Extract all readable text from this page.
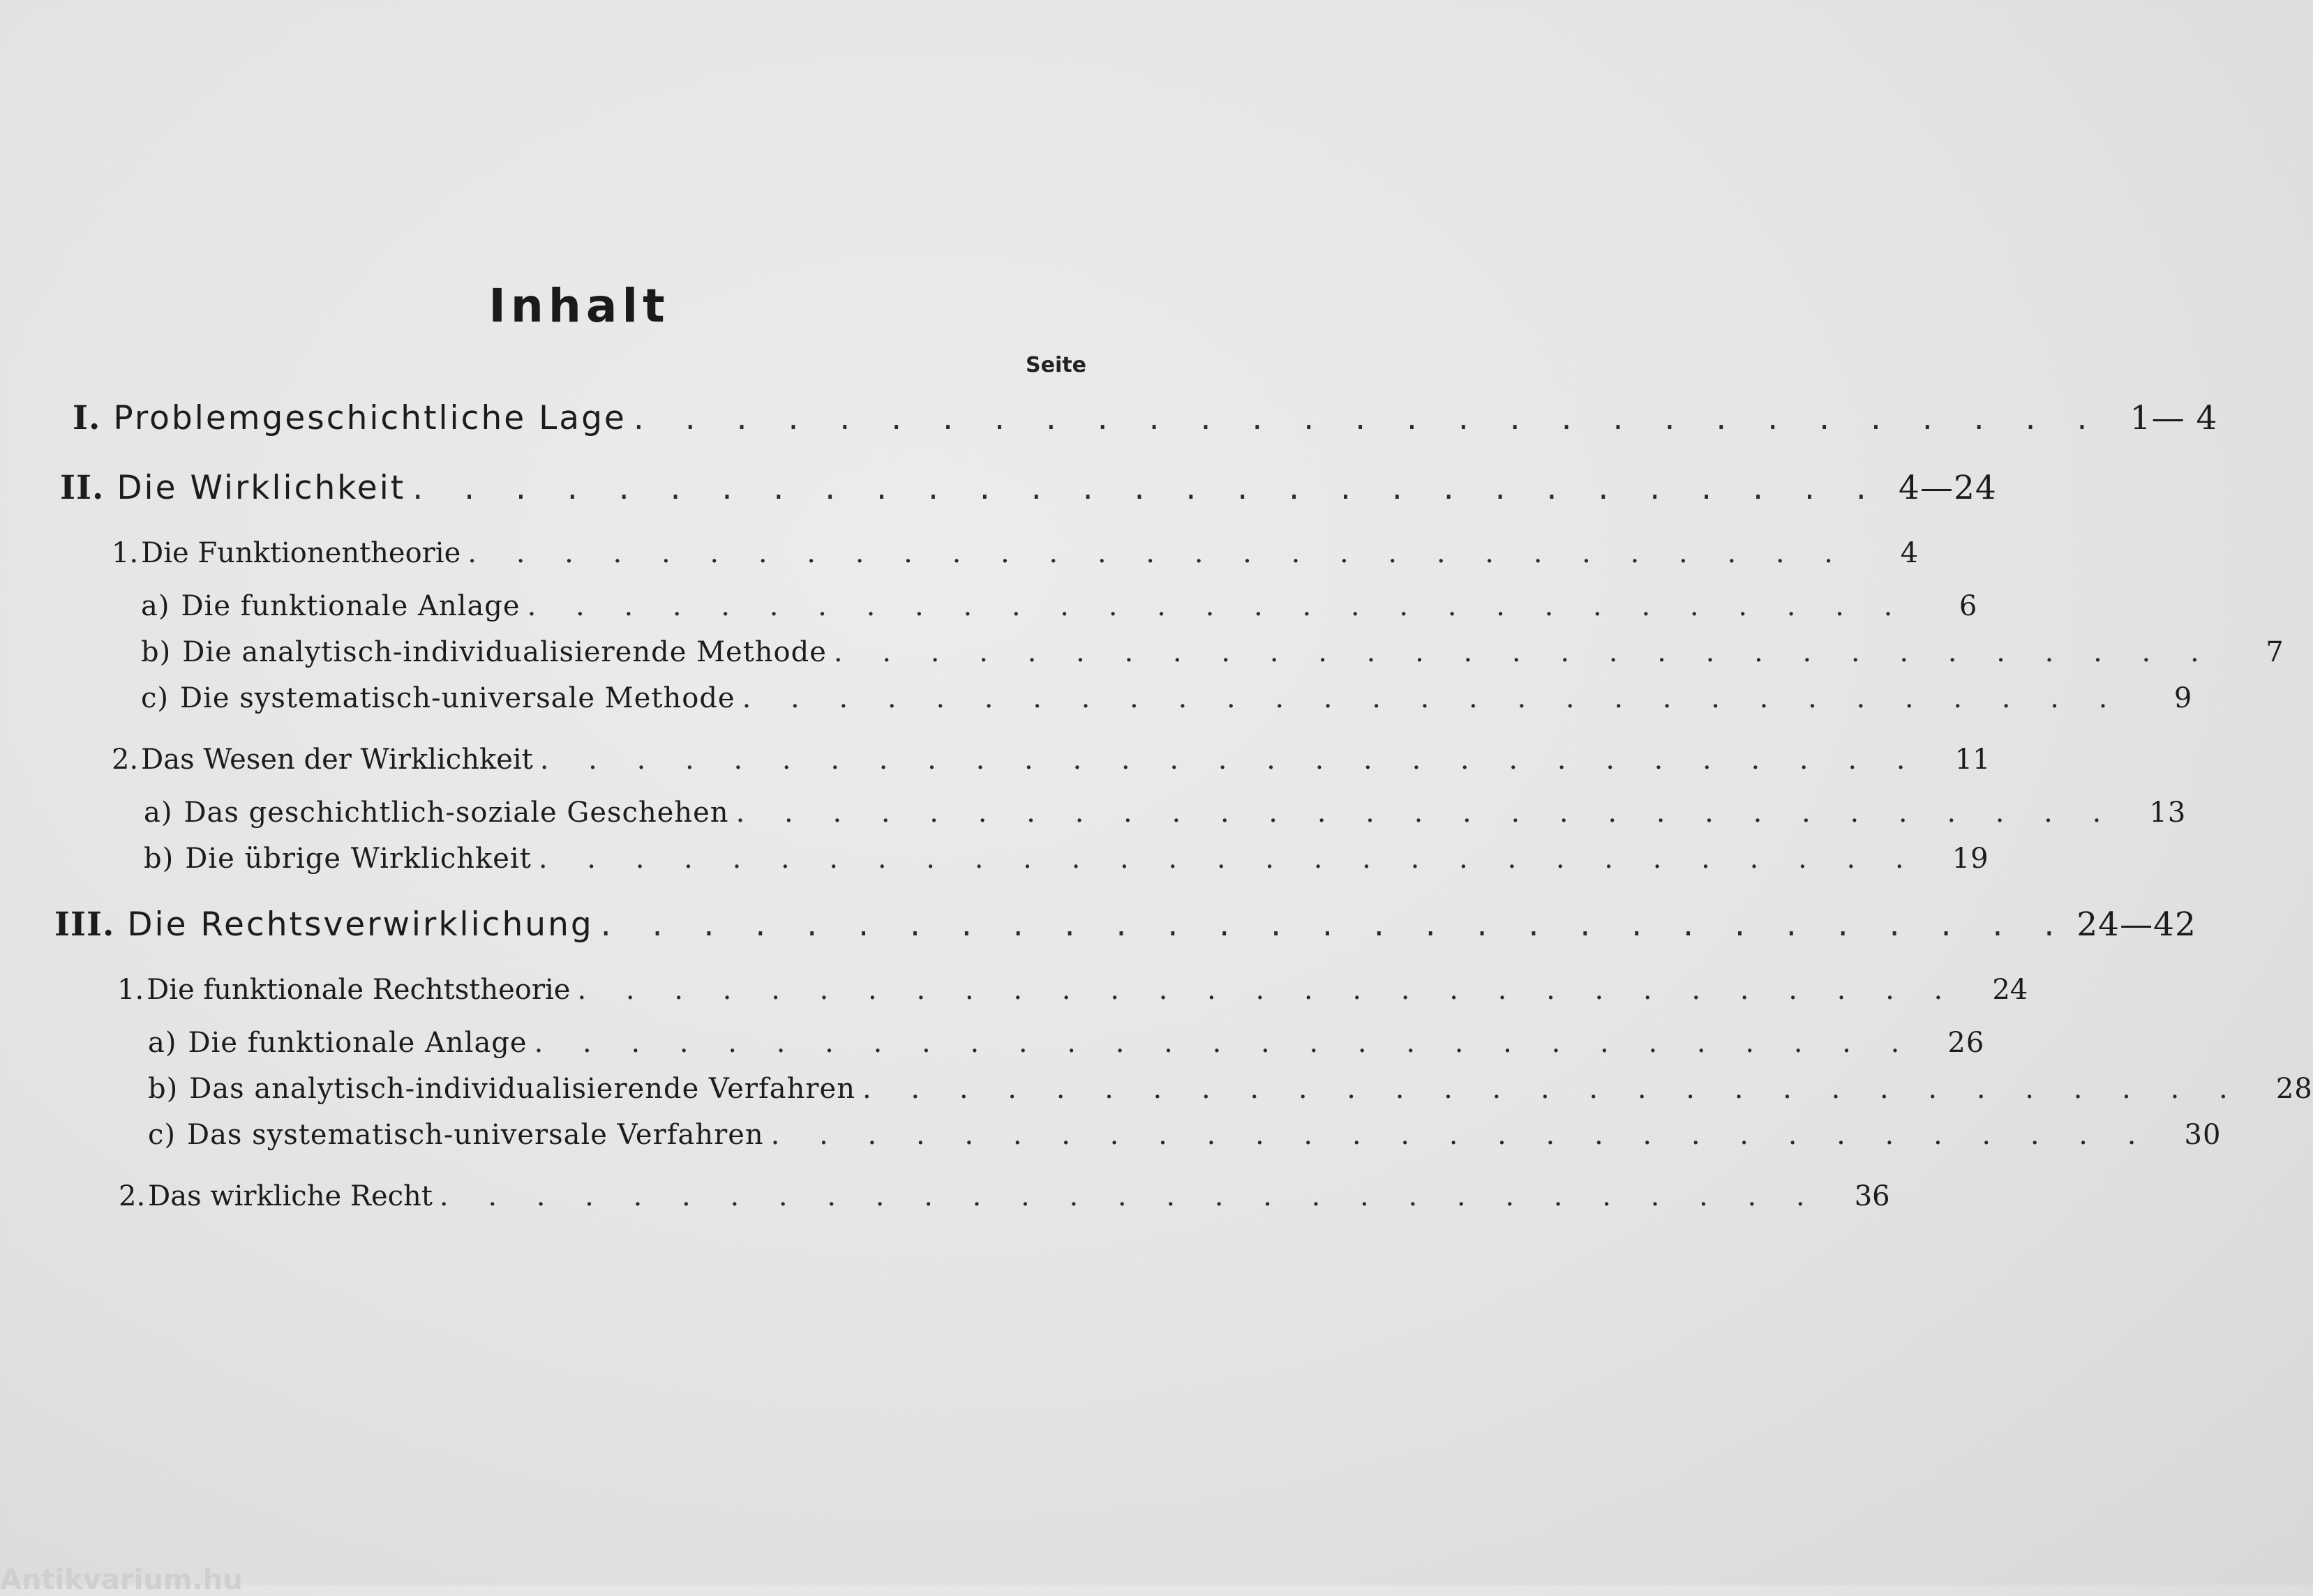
Inhalt
Seite
I. Problemgeschichtliche Lage . . . . . . . . . . . . . . . . . . . . . . . . . . . . . 1— 4
II. Die Wirklichkeit . . . . . . . . . . . . . . . . . . . . . . . . . . . . . 4—24
1. Die Funktionentheorie . . . . . . . . . . . . . . . . . . . . . . . . . . . . .	4
a) Die funktionale Anlage . . . . . . . . . . . . . . . . . . . . . . . . . . . . .	6
b) Die analytisch-individualisierende Methode . . . . . . . . . . . . . . . . . . . . . . . . . . . . .	7
c) Die systematisch-universale Methode . . . . . . . . . . . . . . . . . . . . . . . . . . . . .	9
2. Das Wesen der Wirklichkeit . . . . . . . . . . . . . . . . . . . . . . . . . . . . .	11
a) Das geschichtlich-soziale Geschehen . . . . . . . . . . . . . . . . . . . . . . . . . . . . .	13
b) Die übrige Wirklichkeit . . . . . . . . . . . . . . . . . . . . . . . . . . . . .	19
III. Die Rechtsverwirklichung . . . . . . . . . . . . . . . . . . . . . . . . . . . . . 24—42
1. Die funktionale Rechtstheorie . . . . . . . . . . . . . . . . . . . . . . . . . . . . .	24
a) Die funktionale Anlage . . . . . . . . . . . . . . . . . . . . . . . . . . . . .	26
b) Das analytisch-individualisierende Verfahren . . . . . . . . . . . . . . . . . . . . . . . . . . . . .	28
c) Das systematisch-universale Verfahren . . . . . . . . . . . . . . . . . . . . . . . . . . . . .	30
2. Das wirkliche Recht . . . . . . . . . . . . . . . . . . . . . . . . . . . . .	36
Antikvarium.hu
